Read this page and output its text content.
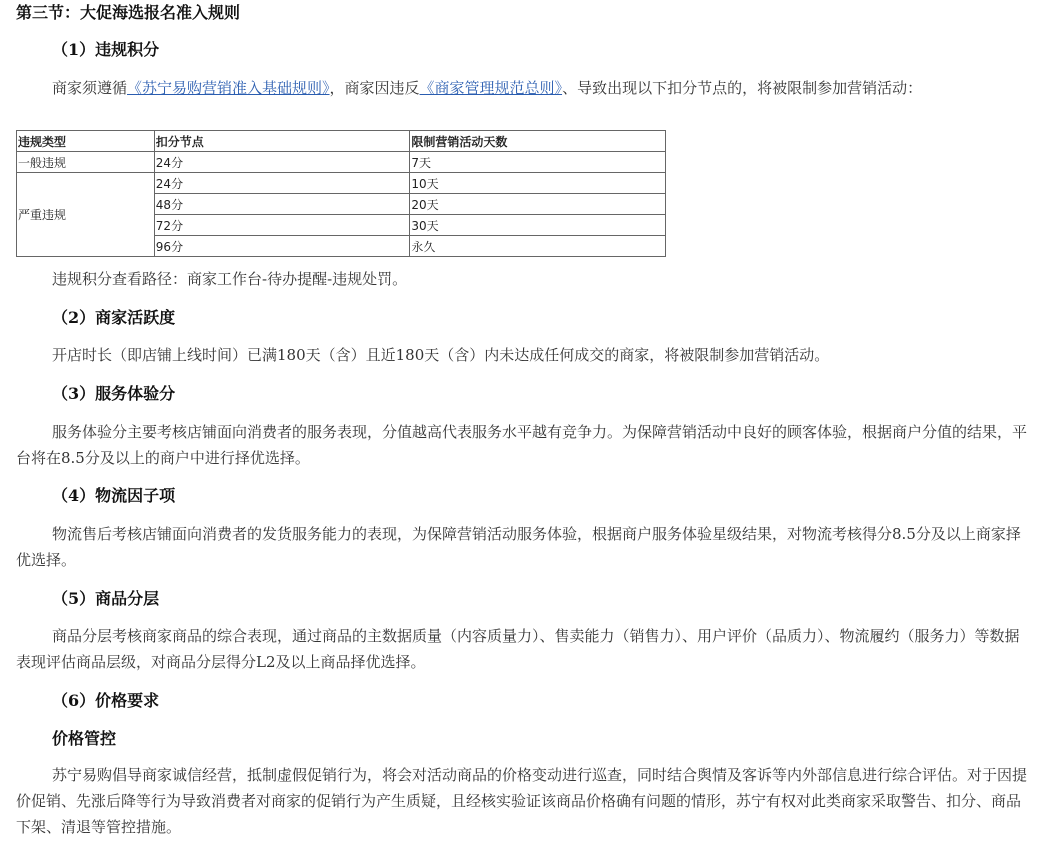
第三节：大促海选报名准入规则
（1）违规积分

商家须遵循《苏宁易购营销准入基础规则》，商家因违反《商家管理规范总则》、导致出现以下扣分节点的，将被限制参加营销活动：

违规类型	扣分节点	限制营销活动天数
一般违规	24分	7天
严重违规	24分	10天
	48分	20天
	72分	30天
	96分	永久

违规积分查看路径：商家工作台-待办提醒-违规处罚。

（2）商家活跃度

开店时长（即店铺上线时间）已满180天（含）且近180天（含）内未达成任何成交的商家，将被限制参加营销活动。

（3）服务体验分

服务体验分主要考核店铺面向消费者的服务表现，分值越高代表服务水平越有竞争力。为保障营销活动中良好的顾客体验，根据商户分值的结果，平台将在8.5分及以上的商户中进行择优选择。

（4）物流因子项

物流售后考核店铺面向消费者的发货服务能力的表现，为保障营销活动服务体验，根据商户服务体验星级结果，对物流考核得分8.5分及以上商家择优选择。

（5）商品分层

商品分层考核商家商品的综合表现，通过商品的主数据质量（内容质量力）、售卖能力（销售力）、用户评价（品质力）、物流履约（服务力）等数据表现评估商品层级，对商品分层得分L2及以上商品择优选择。

（6）价格要求
价格管控

苏宁易购倡导商家诚信经营，抵制虚假促销行为，将会对活动商品的价格变动进行巡查，同时结合舆情及客诉等内外部信息进行综合评估。对于因提价促销、先涨后降等行为导致消费者对商家的促销行为产生质疑，且经核实验证该商品价格确有问题的情形，苏宁有权对此类商家采取警告、扣分、商品下架、清退等管控措施。
